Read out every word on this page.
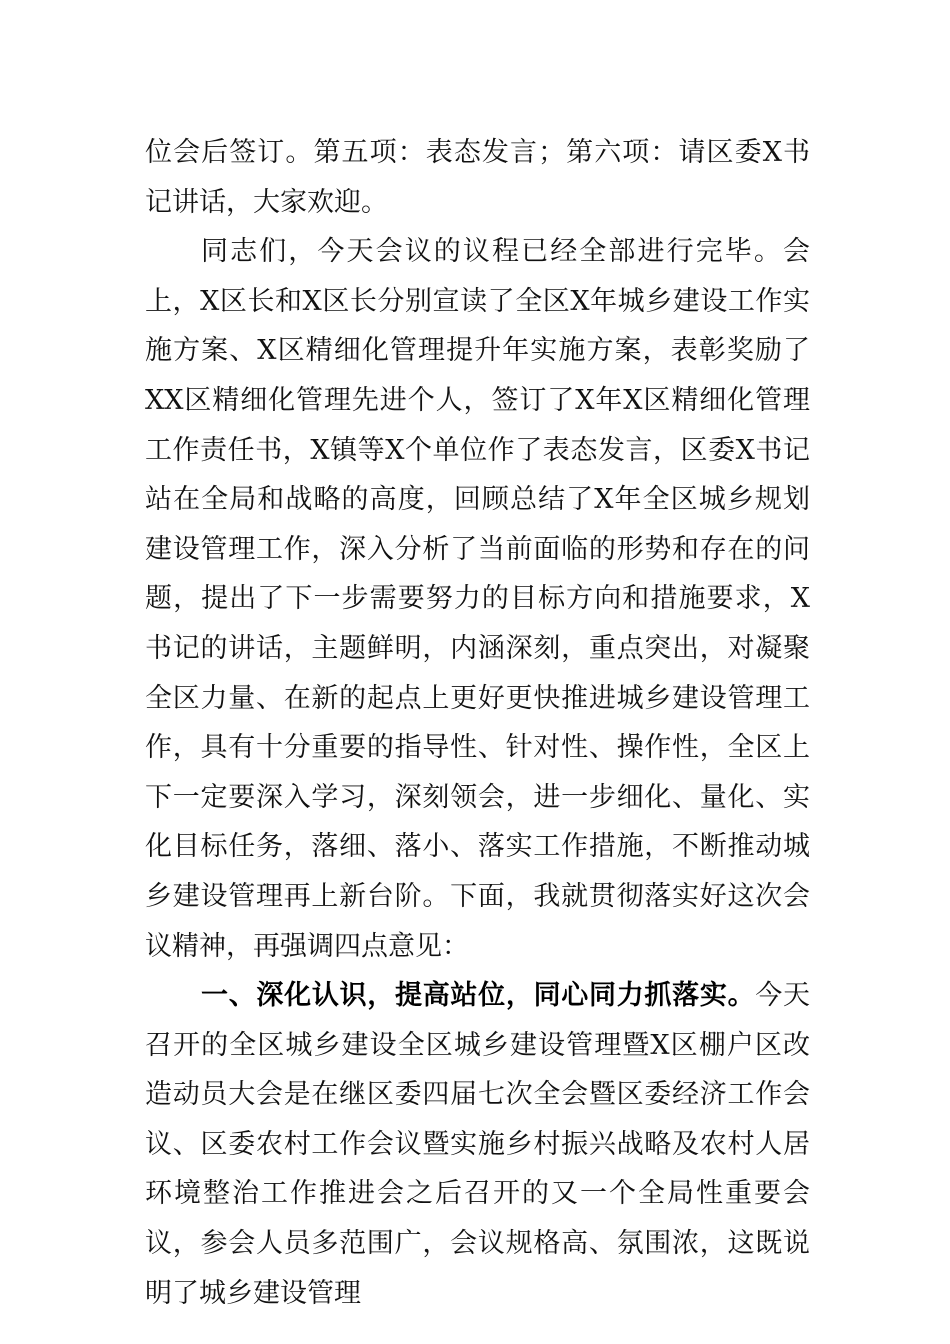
位会后签订。第五项：表态发言；第六项：请区委X书记讲话，大家欢迎。

同志们，今天会议的议程已经全部进行完毕。会上，X区长和X区长分别宣读了全区X年城乡建设工作实施方案、X区精细化管理提升年实施方案，表彰奖励了XX区精细化管理先进个人，签订了X年X区精细化管理工作责任书，X镇等X个单位作了表态发言，区委X书记站在全局和战略的高度，回顾总结了X年全区城乡规划建设管理工作，深入分析了当前面临的形势和存在的问题，提出了下一步需要努力的目标方向和措施要求，X书记的讲话，主题鲜明，内涵深刻，重点突出，对凝聚全区力量、在新的起点上更好更快推进城乡建设管理工作，具有十分重要的指导性、针对性、操作性，全区上下一定要深入学习，深刻领会，进一步细化、量化、实化目标任务，落细、落小、落实工作措施，不断推动城乡建设管理再上新台阶。下面，我就贯彻落实好这次会议精神，再强调四点意见：

一、深化认识，提高站位，同心同力抓落实。今天召开的全区城乡建设全区城乡建设管理暨X区棚户区改造动员大会是在继区委四届七次全会暨区委经济工作会议、区委农村工作会议暨实施乡村振兴战略及农村人居环境整治工作推进会之后召开的又一个全局性重要会议，参会人员多范围广，会议规格高、氛围浓，这既说明了城乡建设管理
